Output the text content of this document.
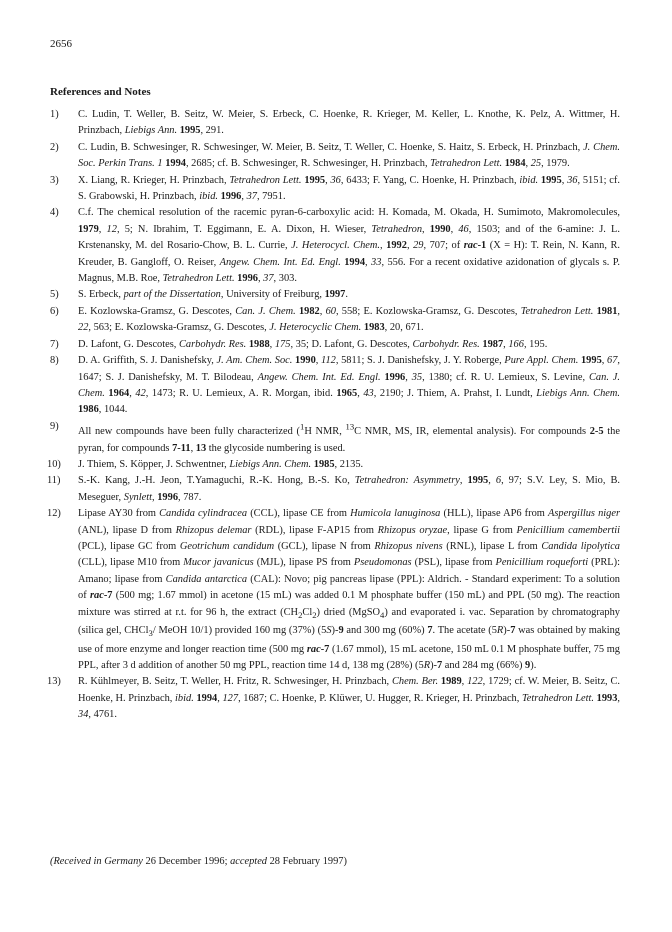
2656
References and Notes
1) C. Ludin, T. Weller, B. Seitz, W. Meier, S. Erbeck, C. Hoenke, R. Krieger, M. Keller, L. Knothe, K. Pelz, A. Wittmer, H. Prinzbach, Liebigs Ann. 1995, 291.
2) C. Ludin, B. Schwesinger, R. Schwesinger, W. Meier, B. Seitz, T. Weller, C. Hoenke, S. Haitz, S. Erbeck, H. Prinzbach, J. Chem. Soc. Perkin Trans. 1 1994, 2685; cf. B. Schwesinger, R. Schwesinger, H. Prinzbach, Tetrahedron Lett. 1984, 25, 1979.
3) X. Liang, R. Krieger, H. Prinzbach, Tetrahedron Lett. 1995, 36, 6433; F. Yang, C. Hoenke, H. Prinzbach, ibid. 1995, 36, 5151; cf. S. Grabowski, H. Prinzbach, ibid. 1996, 37, 7951.
4) C.f. The chemical resolution of the racemic pyran-6-carboxylic acid: H. Komada, M. Okada, H. Sumimoto, Makromolecules, 1979, 12, 5; N. Ibrahim, T. Eggimann, E. A. Dixon, H. Wieser, Tetrahedron, 1990, 46, 1503; and of the 6-amine: J. L. Krstenansky, M. del Rosario-Chow, B. L. Currie, J. Heterocycl. Chem., 1992, 29, 707; of rac-1 (X = H): T. Rein, N. Kann, R. Kreuder, B. Gangloff, O. Reiser, Angew. Chem. Int. Ed. Engl. 1994, 33, 556. For a recent oxidative azidonation of glycals s. P. Magnus, M.B. Roe, Tetrahedron Lett. 1996, 37, 303.
5) S. Erbeck, part of the Dissertation, University of Freiburg, 1997.
6) E. Kozlowska-Gramsz, G. Descotes, Can. J. Chem. 1982, 60, 558; E. Kozlowska-Gramsz, G. Descotes, Tetrahedron Lett. 1981, 22, 563; E. Kozlowska-Gramsz, G. Descotes, J. Heterocyclic Chem. 1983, 20, 671.
7) D. Lafont, G. Descotes, Carbohydr. Res. 1988, 175, 35; D. Lafont, G. Descotes, Carbohydr. Res. 1987, 166, 195.
8) D. A. Griffith, S. J. Danishefsky, J. Am. Chem. Soc. 1990, 112, 5811; S. J. Danishefsky, J. Y. Roberge, Pure Appl. Chem. 1995, 67, 1647; S. J. Danishefsky, M. T. Bilodeau, Angew. Chem. Int. Ed. Engl. 1996, 35, 1380; cf. R. U. Lemieux, S. Levine, Can. J. Chem. 1964, 42, 1473; R. U. Lemieux, A. R. Morgan, ibid. 1965, 43, 2190; J. Thiem, A. Prahst, I. Lundt, Liebigs Ann. Chem. 1986, 1044.
9) All new compounds have been fully characterized ($^1$H NMR, $^{13}$C NMR, MS, IR, elemental analysis). For compounds 2-5 the pyran, for compounds 7-11, 13 the glycoside numbering is used.
10) J. Thiem, S. Köpper, J. Schwentner, Liebigs Ann. Chem. 1985, 2135.
11) S.-K. Kang, J.-H. Jeon, T.Yamaguchi, R.-K. Hong, B.-S. Ko, Tetrahedron: Asymmetry, 1995, 6, 97; S.V. Ley, S. Mio, B. Meseguer, Synlett, 1996, 787.
12) Lipase AY30 from Candida cylindracea (CCL), lipase CE from Humicola lanuginosa (HLL), lipase AP6 from Aspergillus niger (ANL), lipase D from Rhizopus delemar (RDL), lipase F-AP15 from Rhizopus oryzae, lipase G from Penicillium camembertii (PCL), lipase GC from Geotrichum candidum (GCL), lipase N from Rhizopus nivens (RNL), lipase L from Candida lipolytica (CLL), lipase M10 from Mucor javanicus (MJL), lipase PS from Pseudomonas (PSL), lipase from Penicillium roqueforti (PRL): Amano; lipase from Candida antarctica (CAL): Novo; pig pancreas lipase (PPL): Aldrich. - Standard experiment: To a solution of rac-7 (500 mg; 1.67 mmol) in acetone (15 mL) was added 0.1 M phosphate buffer (150 mL) and PPL (50 mg). The reaction mixture was stirred at r.t. for 96 h, the extract $(CH_2Cl_2)$ dried (MgSO$_4$) and evaporated i. vac. Separation by chromatography (silica gel, CHCl$_3$/ MeOH 10/1) provided 160 mg (37%) (5S)-9 and 300 mg (60%) 7. The acetate (5R)-7 was obtained by making use of more enzyme and longer reaction time (500 mg rac-7 (1.67 mmol), 15 mL acetone, 150 mL 0.1 M phosphate buffer, 75 mg PPL, after 3 d addition of another 50 mg PPL, reaction time 14 d, 138 mg (28%) (5R)-7 and 284 mg (66%) 9).
13) R. Kühlmeyer, B. Seitz, T. Weller, H. Fritz, R. Schwesinger, H. Prinzbach, Chem. Ber. 1989, 122, 1729; cf. W. Meier, B. Seitz, C. Hoenke, H. Prinzbach, ibid. 1994, 127, 1687; C. Hoenke, P. Klüwer, U. Hugger, R. Krieger, H. Prinzbach, Tetrahedron Lett. 1993, 34, 4761.
(Received in Germany 26 December 1996; accepted 28 February 1997)
